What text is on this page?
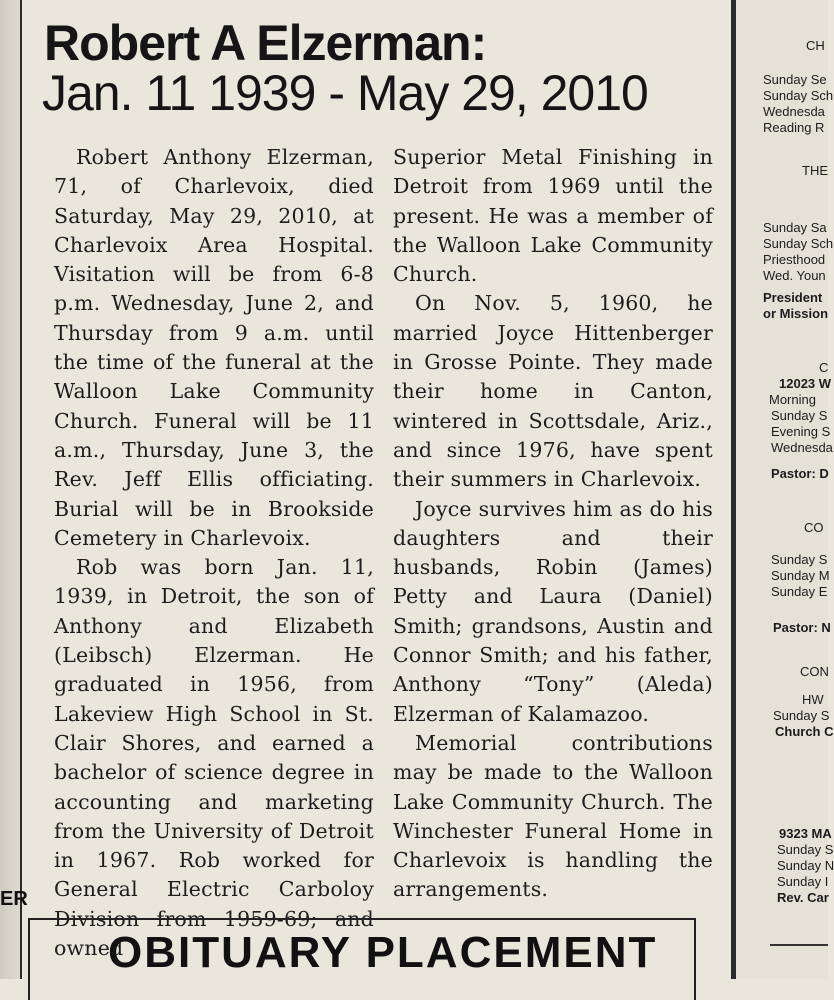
ER
Robert A Elzerman:
Jan. 11 1939 - May 29, 2010

Robert Anthony Elzerman, 71, of Charlevoix, died Saturday, May 29, 2010, at Charlevoix Area Hospital. Visitation will be from 6-8 p.m. Wednesday, June 2, and Thursday from 9 a.m. until the time of the funeral at the Walloon Lake Community Church. Funeral will be 11 a.m., Thursday, June 3, the Rev. Jeff Ellis officiating. Burial will be in Brookside Cemetery in Charlevoix.

Rob was born Jan. 11, 1939, in Detroit, the son of Anthony and Elizabeth (Leibsch) Elzerman. He graduated in 1956, from Lakeview High School in St. Clair Shores, and earned a bachelor of science degree in accounting and marketing from the University of Detroit in 1967. Rob worked for General Electric Carboloy Division from 1959-69; and owned

Superior Metal Finishing in Detroit from 1969 until the present. He was a member of the Walloon Lake Community Church.

On Nov. 5, 1960, he married Joyce Hittenberger in Grosse Pointe. They made their home in Canton, wintered in Scottsdale, Ariz., and since 1976, have spent their summers in Charlevoix.

Joyce survives him as do his daughters and their husbands, Robin (James) Petty and Laura (Daniel) Smith; grandsons, Austin and Connor Smith; and his father, Anthony “Tony” (Aleda) Elzerman of Kalamazoo.

Memorial contributions may be made to the Walloon Lake Community Church. The Winchester Funeral Home in Charlevoix is handling the arrangements.

OBITUARY PLACEMENT
CH
Sunday Se
Sunday Sch
Wednesda
Reading R
THE
Sunday Sa
Sunday Sch
Priesthood
Wed. Youn
President
or Mission
C
12023 W
Morning
Sunday S
Evening S
Wednesda
Pastor: D
CO
Sunday S
Sunday M
Sunday E
Pastor: N
CON
HW
Sunday S
Church C
9323 MA
Sunday S
Sunday N
Sunday I
Rev. Car
